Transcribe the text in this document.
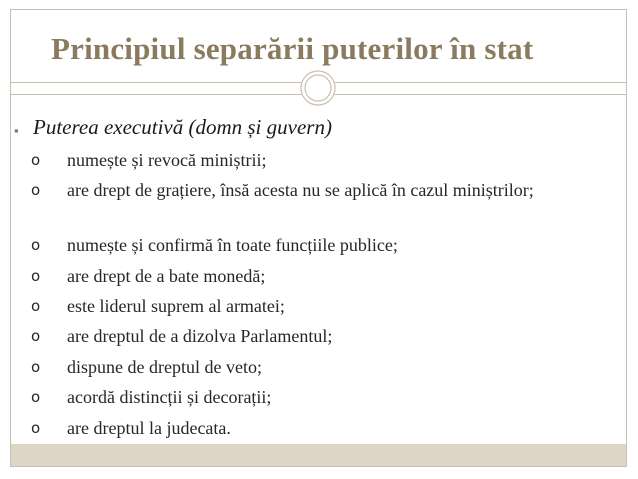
Principiul separării puterilor în stat
▪ Puterea executivă (domn și guvern)
o numește și revocă miniștrii;
o are drept de grațiere, însă acesta nu se aplică în cazul miniștrilor;
o numește și confirmă în toate funcțiile publice;
o are drept de a bate monedă;
o este liderul suprem al armatei;
o are dreptul de a dizolva Parlamentul;
o dispune de dreptul de veto;
o acordă distincții și decorații;
o are dreptul la judecata.
